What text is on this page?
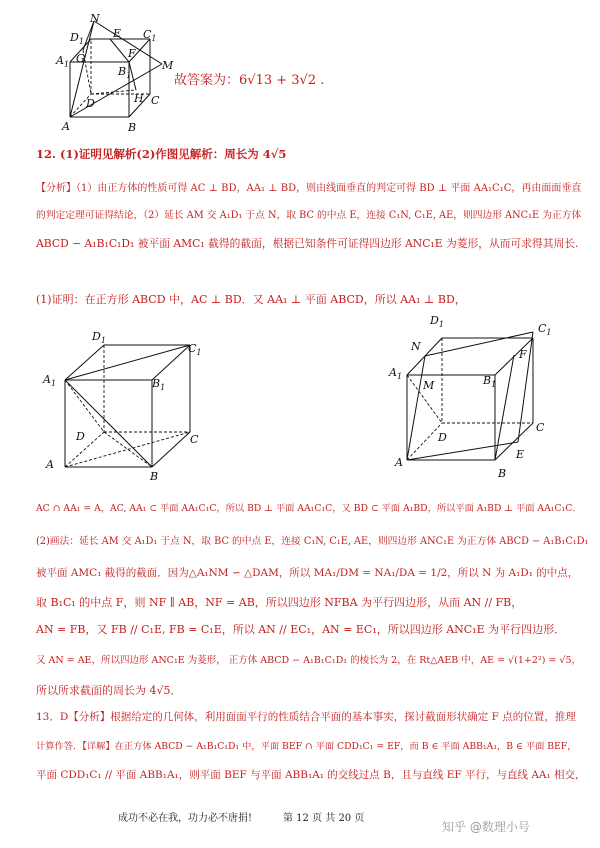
N
E $C_1$
$D_1$
$A_1$ G	F
M
$B_1$
D	H C
A	B
故答案为：6√13 + 3√2 .
12. (1)证明见解析(2)作图见解析：周长为 4√5
【分析】（1）由正方体的性质可得 AC ⊥ BD，AA₁ ⊥ BD，则由线面垂直的判定可得 BD ⊥ 平面 AA₁C₁C，再由面面垂直
的判定定理可证得结论，（2）延长 AM 交 A₁D₁ 于点 N，取 BC 的中点 E，连接 C₁N, C₁E, AE，则四边形 ANC₁E 为正方体
ABCD − A₁B₁C₁D₁ 被平面 AMC₁ 截得的截面，根据已知条件可证得四边形 ANC₁E 为菱形，从而可求得其周长.
(1)证明：在正方形 ABCD 中，AC ⊥ BD．又 AA₁ ⊥ 平面 ABCD，所以 AA₁ ⊥ BD，
$D_1$
$C_1$
$A_1$	$B_1$
D	C
A
B
$D_1$	$C_1$
N
F
$A_1$
M	$B_1$
D
C
A
E
B
AC ∩ AA₁ = A，AC, AA₁ ⊂ 平面 AA₁C₁C，所以 BD ⊥ 平面 AA₁C₁C，又 BD ⊂ 平面 A₁BD，所以平面 A₁BD ⊥ 平面 AA₁C₁C．
(2)画法：延长 AM 交 A₁D₁ 于点 N，取 BC 的中点 E，连接 C₁N, C₁E, AE，则四边形 ANC₁E 为正方体 ABCD − A₁B₁C₁D₁
被平面 AMC₁ 截得的截面．因为△A₁NM ∽ △DAM，所以 MA₁/DM = NA₁/DA = 1/2，所以 N 为 A₁D₁ 的中点，
取 B₁C₁ 的中点 F，则 NF ∥ AB，NF = AB，所以四边形 NFBA 为平行四边形，从而 AN // FB，
AN = FB，又 FB // C₁E, FB = C₁E，所以 AN // EC₁，AN = EC₁，所以四边形 ANC₁E 为平行四边形．
又 AN = AE，所以四边形 ANC₁E 为菱形， 正方体 ABCD − A₁B₁C₁D₁ 的棱长为 2，在 Rt△AEB 中，AE = √(1+2²) = √5，
所以所求截面的周长为 4√5．
13．D【分析】根据给定的几何体，利用面面平行的性质结合平面的基本事实，探讨截面形状确定 F 点的位置，推理
计算作答．【详解】在正方体 ABCD − A₁B₁C₁D₁ 中，平面 BEF ∩ 平面 CDD₁C₁ = EF，而 B ∈ 平面 ABB₁A₁，B ∈ 平面 BEF，
平面 CDD₁C₁ // 平面 ABB₁A₁，则平面 BEF 与平面 ABB₁A₁ 的交线过点 B，且与直线 EF 平行，与直线 AA₁ 相交，
成功不必在我，功力必不唐捐!	第 12 页 共 20 页
知乎 @数理小号
